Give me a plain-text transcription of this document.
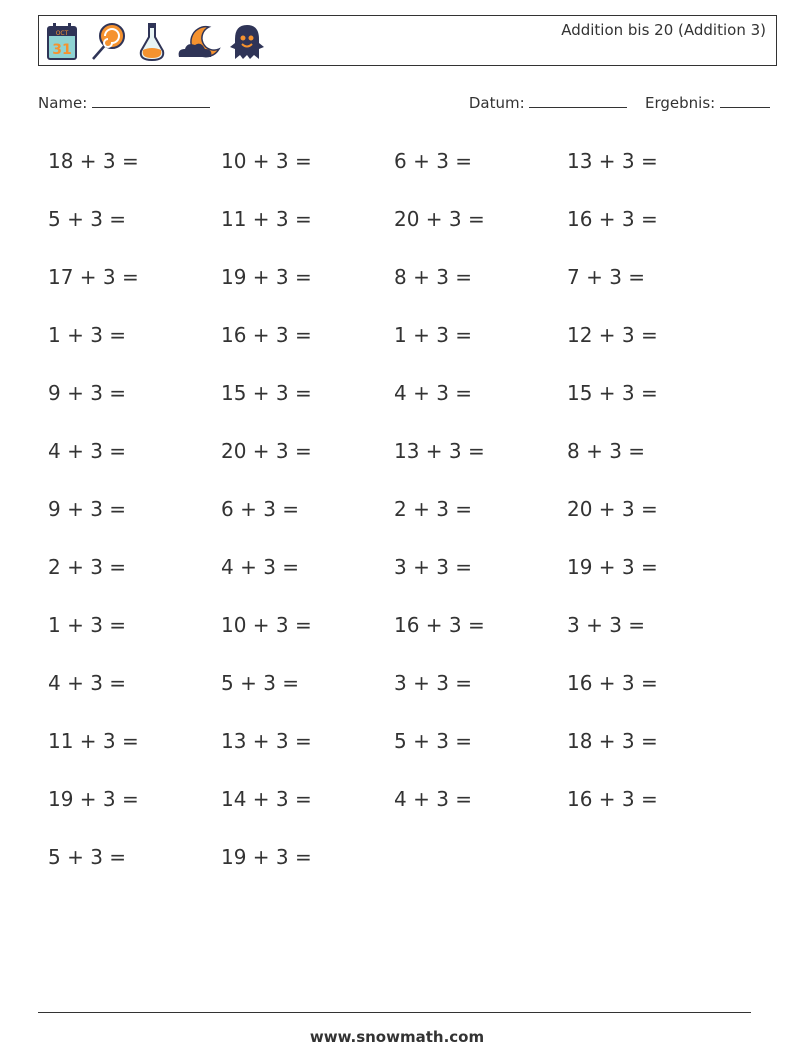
OCT
31
Addition bis 20 (Addition 3)
Name:	Datum:	Ergebnis:
18 + 3 =	10 + 3 =	6 + 3 =	13 + 3 =
5 + 3 =	11 + 3 =	20 + 3 =	16 + 3 =
17 + 3 =	19 + 3 =	8 + 3 =	7 + 3 =
1 + 3 =	16 + 3 =	1 + 3 =	12 + 3 =
9 + 3 =	15 + 3 =	4 + 3 =	15 + 3 =
4 + 3 =	20 + 3 =	13 + 3 =	8 + 3 =
9 + 3 =	6 + 3 =	2 + 3 =	20 + 3 =
2 + 3 =	4 + 3 =	3 + 3 =	19 + 3 =
1 + 3 =	10 + 3 =	16 + 3 =	3 + 3 =
4 + 3 =	5 + 3 =	3 + 3 =	16 + 3 =
11 + 3 =	13 + 3 =	5 + 3 =	18 + 3 =
19 + 3 =	14 + 3 =	4 + 3 =	16 + 3 =
5 + 3 =	19 + 3 =
www.snowmath.com
